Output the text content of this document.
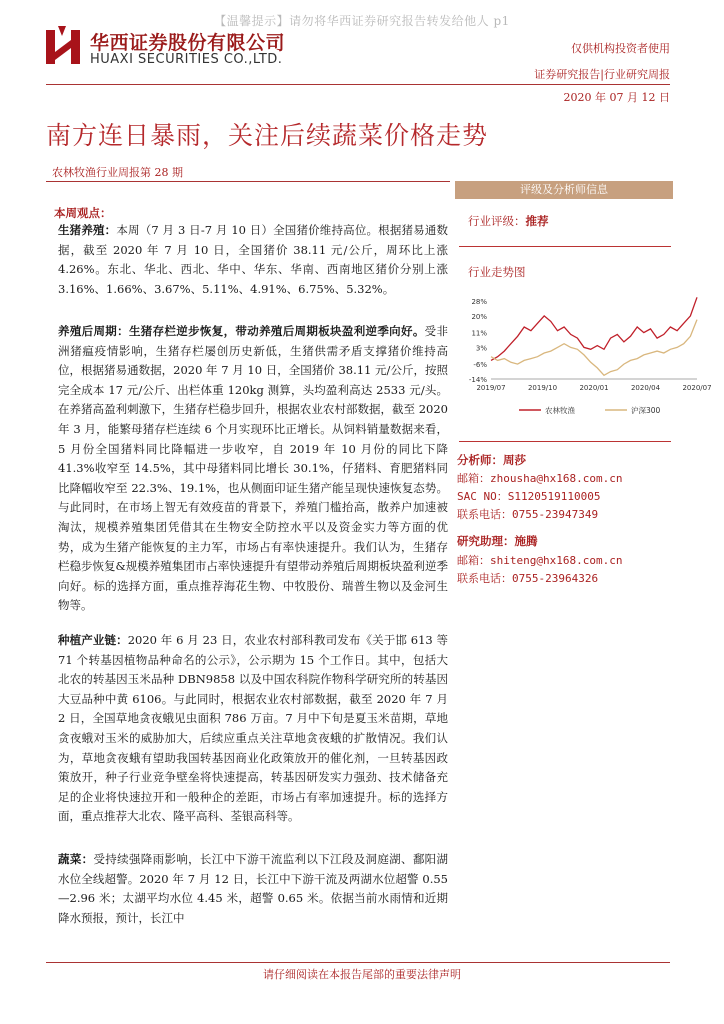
【温馨提示】请勿将华西证券研究报告转发给他人 p1
华西证券股份有限公司
HUAXI SECURITIES CO.,LTD.
仅供机构投资者使用
证券研究报告|行业研究周报
2020 年 07 月 12 日
南方连日暴雨，关注后续蔬菜价格走势
农林牧渔行业周报第 28 期
本周观点：
生猪养殖：本周（7 月 3 日-7 月 10 日）全国猪价维持高位。根据猪易通数据，截至 2020 年 7 月 10 日，全国猪价 38.11 元/公斤，周环比上涨 4.26%。东北、华北、西北、华中、华东、华南、西南地区猪价分别上涨 3.16%、1.66%、3.67%、5.11%、4.91%、6.75%、5.32%。
养殖后周期：生猪存栏逆步恢复，带动养殖后周期板块盈利逆季向好。受非洲猪瘟疫情影响，生猪存栏屡创历史新低，生猪供需矛盾支撑猪价维持高位，根据猪易通数据，2020 年 7 月 10 日，全国猪价 38.11 元/公斤，按照完全成本 17 元/公斤、出栏体重 120kg 测算，头均盈利高达 2533 元/头。在养猪高盈利刺激下，生猪存栏稳步回升，根据农业农村部数据，截至 2020 年 3 月，能繁母猪存栏连续 6 个月实现环比正增长。从饲料销量数据来看，5 月份全国猪料同比降幅进一步收窄，自 2019 年 10 月份的同比下降 41.3%收窄至 14.5%，其中母猪料同比增长 30.1%，仔猪料、育肥猪料同比降幅收窄至 22.3%、19.1%，也从侧面印证生猪产能呈现快速恢复态势。与此同时，在市场上智无有效疫苗的背景下，养殖门槛抬高，散养户加速被淘汰，规模养殖集团凭借其在生物安全防控水平以及资金实力等方面的优势，成为生猪产能恢复的主力军，市场占有率快速提升。我们认为，生猪存栏稳步恢复&规模养殖集团市占率快速提升有望带动养殖后周期板块盈利逆季向好。标的选择方面，重点推荐海花生物、中牧股份、瑞普生物以及金河生物等。
种植产业链：2020 年 6 月 23 日，农业农村部科教司发布《关于邯 613 等 71 个转基因植物品种命名的公示》，公示期为 15 个工作日。其中，包括大北农的转基因玉米品种 DBN9858 以及中国农科院作物科学研究所的转基因大豆品种中黄 6106。与此同时，根据农业农村部数据，截至 2020 年 7 月 2 日，全国草地贪夜蛾见虫面积 786 万亩。7 月中下旬是夏玉米苗期，草地贪夜蛾对玉米的威胁加大，后续应重点关注草地贪夜蛾的扩散情况。我们认为，草地贪夜蛾有望助我国转基因商业化政策放开的催化剂，一旦转基因政策放开，种子行业竞争壁垒将快速提高，转基因研发实力强劲、技术储备充足的企业将快速拉开和一般种企的差距，市场占有率加速提升。标的选择方面，重点推荐大北农、隆平高科、荃银高科等。
蔬菜：受持续强降雨影响，长江中下游干流监利以下江段及洞庭湖、鄱阳湖水位全线超警。2020 年 7 月 12 日，长江中下游干流及两湖水位超警 0.55—2.96 米；太湖平均水位 4.45 米，超警 0.65 米。依据当前水雨情和近期降水预报，预计，长江中
评级及分析师信息
行业评级：推荐
行业走势图
28%
20%
11%
3%
-6%
-14%
2019/07	2019/10	2020/01	2020/04	2020/07
农林牧渔	沪深300
分析师：周莎
邮箱：zhousha@hx168.com.cn
SAC NO：S1120519110005
联系电话：0755-23947349
研究助理：施腾
邮箱：shiteng@hx168.com.cn
联系电话：0755-23964326
请仔细阅读在本报告尾部的重要法律声明
